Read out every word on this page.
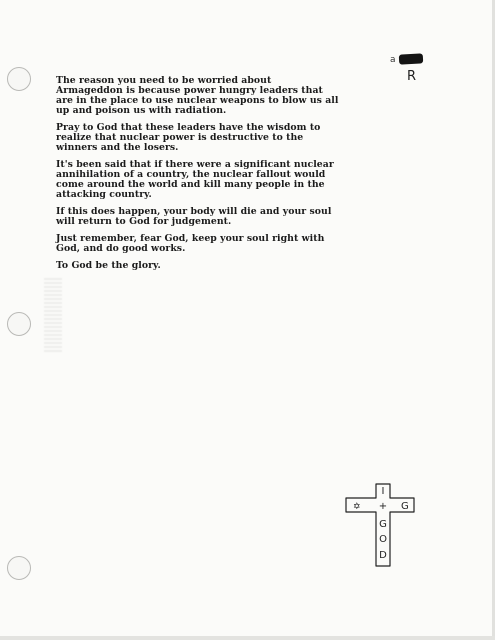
a
R
The reason you need to be worried about
Armageddon is because power hungry leaders that
are in the place to use nuclear weapons to blow us all
up and poison us with radiation.
Pray to God that these leaders have the wisdom to
realize that nuclear power is destructive to the
winners and the losers.
It's been said that if there were a significant nuclear
annihilation of a country, the nuclear fallout would
come around the world and kill many people in the
attacking country.
If this does happen, your body will die and your soul
will return to God for judgement.
Just remember, fear God, keep your soul right with
God, and do good works.
To God be the glory.
✡	G
I
+
G
O
D
